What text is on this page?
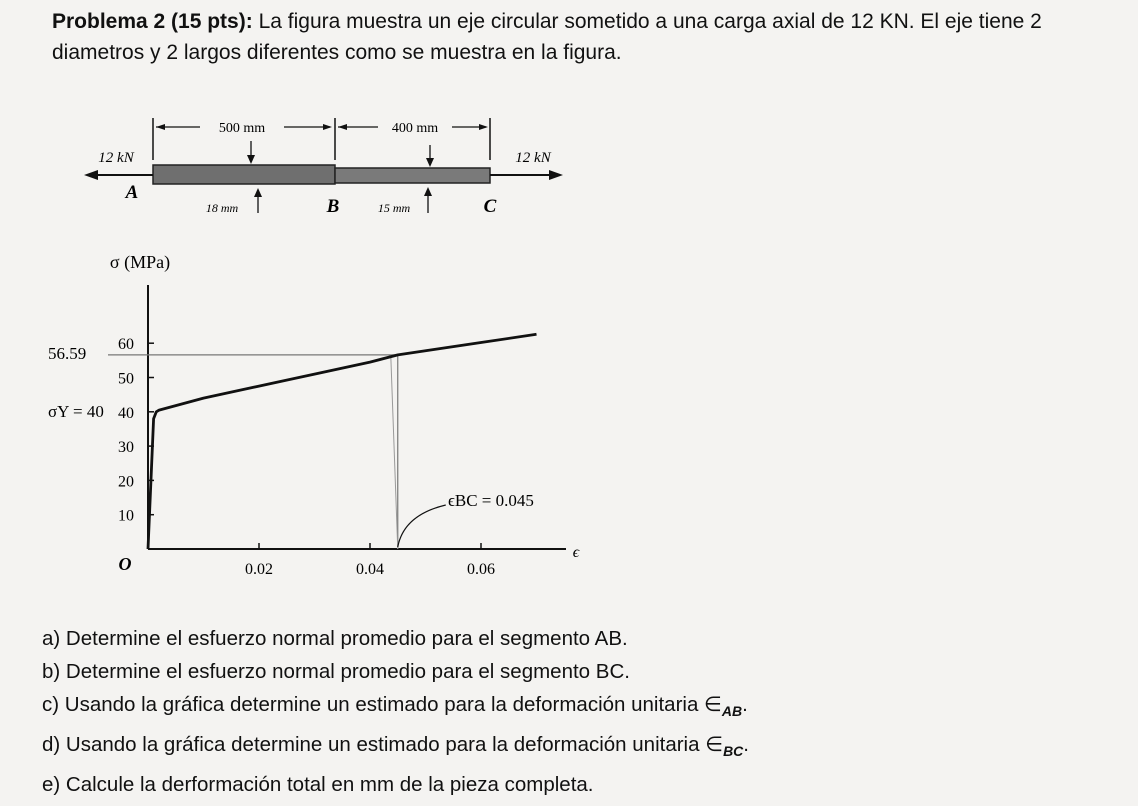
Problema 2 (15 pts): La figura muestra un eje circular sometido a una carga axial de 12 KN. El eje tiene 2 diametros y 2 largos diferentes como se muestra en la figura.
500 mm	400 mm
12 kN	12 kN
A
B	C
18 mm	15 mm
σ (MPa)
ϵ
O
56.59
σY = 40
ϵBC = 0.045
10
20
30
40
50
60
0.02	0.04	0.06
a) Determine el esfuerzo normal promedio para el segmento AB.
b) Determine el esfuerzo normal promedio para el segmento BC.
c) Usando la gráfica determine un estimado para la deformación unitaria $\in_{AB}$.
d) Usando la gráfica determine un estimado para la deformación unitaria $\in_{BC}$.
e) Calcule la derformación total en mm de la pieza completa.
